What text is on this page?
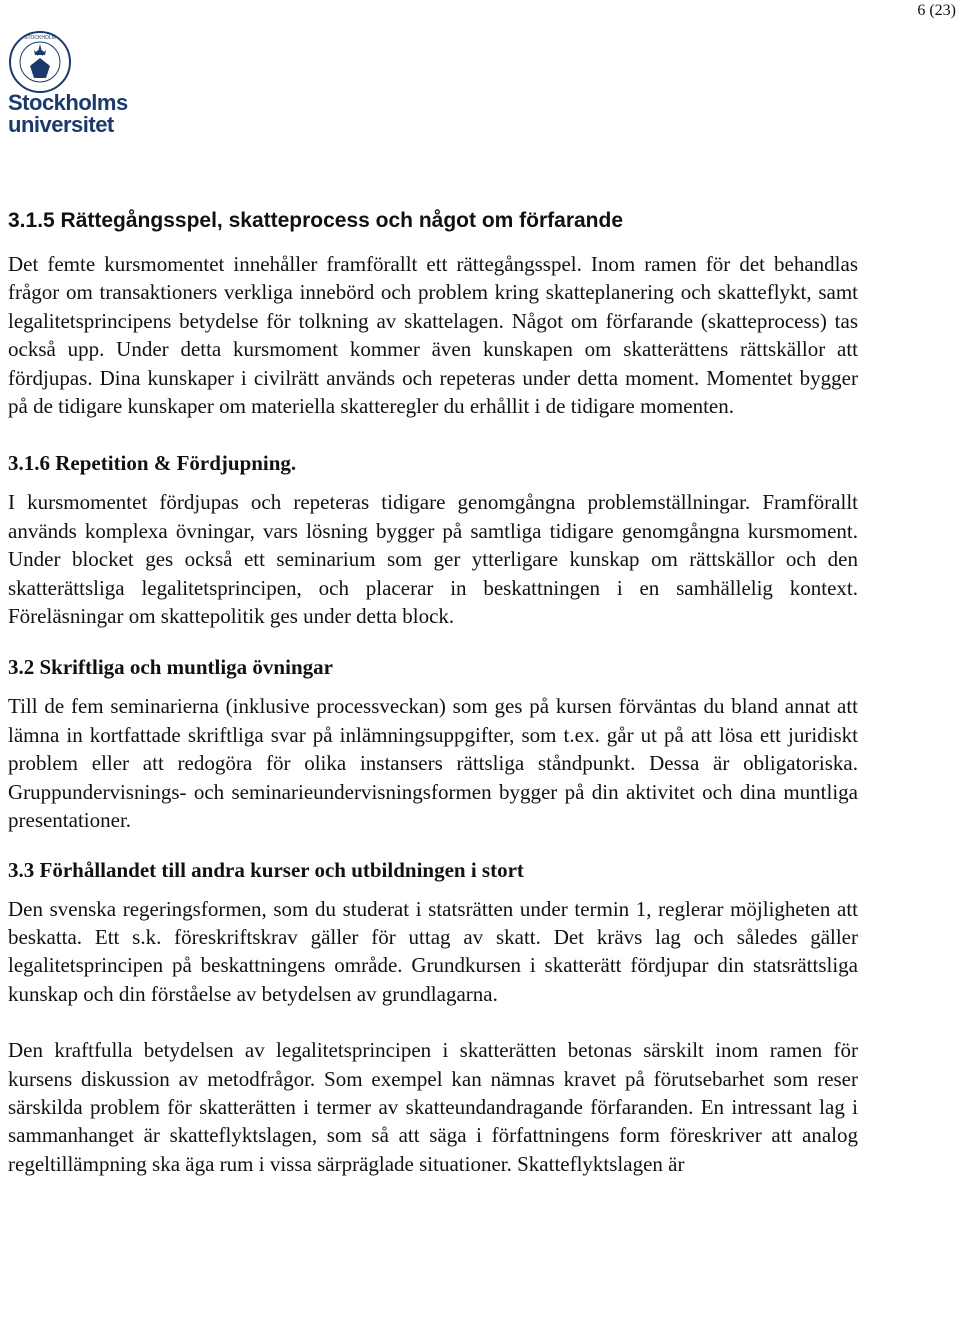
6 (23)
STOCKHOLM
Stockholms
universitet
3.1.5 Rättegångsspel, skatteprocess och något om förfarande

Det femte kursmomentet innehåller framförallt ett rättegångsspel. Inom ramen för det behandlas frågor om transaktioners verkliga innebörd och problem kring skatteplanering och skatteflykt, samt legalitetsprincipens betydelse för tolkning av skattelagen. Något om förfarande (skatteprocess) tas också upp. Under detta kursmoment kommer även kunskapen om skatterättens rättskällor att fördjupas. Dina kunskaper i civilrätt används och repeteras under detta moment. Momentet bygger på de tidigare kunskaper om materiella skatteregler du erhållit i de tidigare momenten.

3.1.6 Repetition & Fördjupning.

I kursmomentet fördjupas och repeteras tidigare genomgångna problemställningar. Framförallt används komplexa övningar, vars lösning bygger på samtliga tidigare genomgångna kursmoment. Under blocket ges också ett seminarium som ger ytterligare kunskap om rättskällor och den skatterättsliga legalitetsprincipen, och placerar in beskattningen i en samhällelig kontext. Föreläsningar om skattepolitik ges under detta block.

3.2 Skriftliga och muntliga övningar

Till de fem seminarierna (inklusive processveckan) som ges på kursen förväntas du bland annat att lämna in kortfattade skriftliga svar på inlämningsuppgifter, som t.ex. går ut på att lösa ett juridiskt problem eller att redogöra för olika instansers rättsliga ståndpunkt. Dessa är obligatoriska. Gruppundervisnings- och seminarieundervisningsformen bygger på din aktivitet och dina muntliga presentationer.

3.3 Förhållandet till andra kurser och utbildningen i stort

Den svenska regeringsformen, som du studerat i statsrätten under termin 1, reglerar möjligheten att beskatta. Ett s.k. föreskriftskrav gäller för uttag av skatt. Det krävs lag och således gäller legalitetsprincipen på beskattningens område. Grundkursen i skatterätt fördjupar din statsrättsliga kunskap och din förståelse av betydelsen av grundlagarna.

Den kraftfulla betydelsen av legalitetsprincipen i skatterätten betonas särskilt inom ramen för kursens diskussion av metodfrågor. Som exempel kan nämnas kravet på förutsebarhet som reser särskilda problem för skatterätten i termer av skatteundandragande förfaranden. En intressant lag i sammanhanget är skatteflyktslagen, som så att säga i författningens form föreskriver att analog regeltillämpning ska äga rum i vissa särpräglade situationer. Skatteflyktslagen är
